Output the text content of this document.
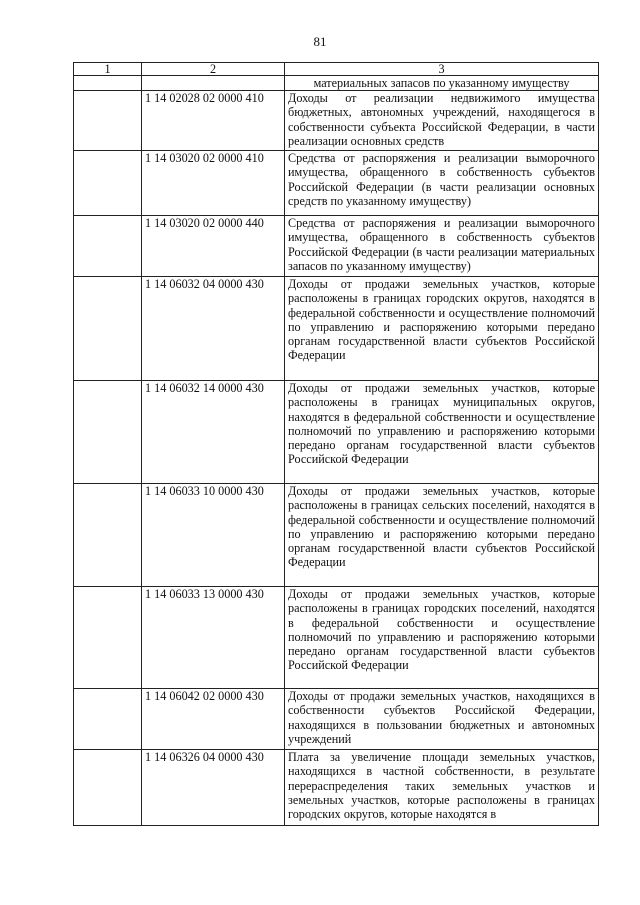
81
1	2	3
		материальных запасов по указанному имуществу
	1 14 02028 02 0000 410	Доходы от реализации недвижимого имущества бюджетных, автономных учреждений, находящегося в собственности субъекта Российской Федерации, в части реализации основных средств
	1 14 03020 02 0000 410	Средства от распоряжения и реализации выморочного имущества, обращенного в собственность субъектов Российской Федерации (в части реализации основных средств по указанному имуществу)
	1 14 03020 02 0000 440	Средства от распоряжения и реализации выморочного имущества, обращенного в собственность субъектов Российской Федерации (в части реализации материальных запасов по указанному имуществу)
	1 14 06032 04 0000 430	Доходы от продажи земельных участков, которые расположены в границах городских округов, находятся в федеральной собственности и осуществление полномочий по управлению и распоряжению которыми передано органам государственной власти субъектов Российской Федерации
	1 14 06032 14 0000 430	Доходы от продажи земельных участков, которые расположены в границах муниципальных округов, находятся в федеральной собственности и осуществление полномочий по управлению и распоряжению которыми передано органам государственной власти субъектов Российской Федерации
	1 14 06033 10 0000 430	Доходы от продажи земельных участков, которые расположены в границах сельских поселений, находятся в федеральной собственности и осуществление полномочий по управлению и распоряжению которыми передано органам государственной власти субъектов Российской Федерации
	1 14 06033 13 0000 430	Доходы от продажи земельных участков, которые расположены в границах городских поселений, находятся в федеральной собственности и осуществление полномочий по управлению и распоряжению которыми передано органам государственной власти субъектов Российской Федерации
	1 14 06042 02 0000 430	Доходы от продажи земельных участков, находящихся в собственности субъектов Российской Федерации, находящихся в пользовании бюджетных и автономных учреждений
	1 14 06326 04 0000 430	Плата за увеличение площади земельных участков, находящихся в частной собственности, в результате перераспределения таких земельных участков и земельных участков, которые расположены в границах городских округов, которые находятся в
